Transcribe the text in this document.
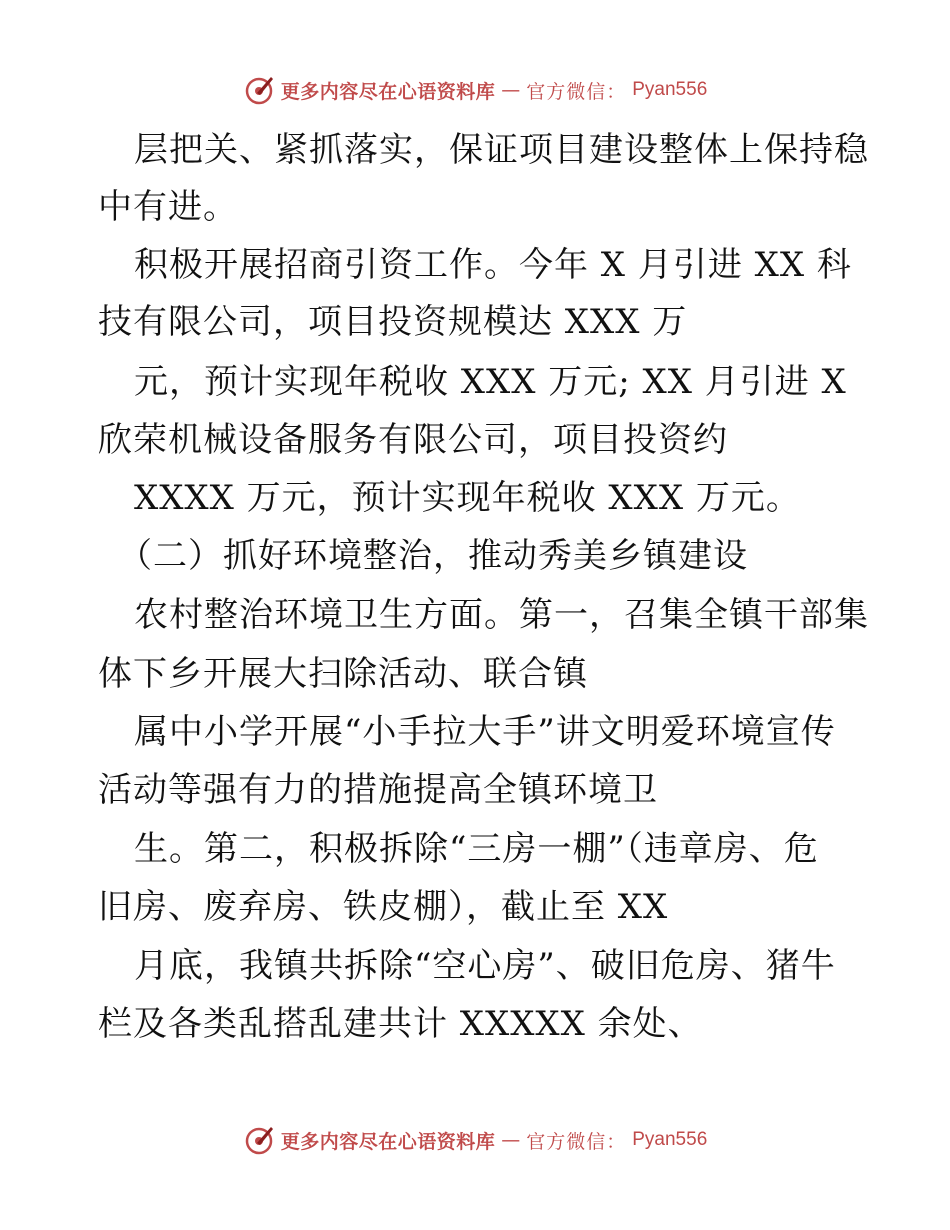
更多内容尽在心语资料库 — 官方微信： Pyan556
层把关、紧抓落实，保证项目建设整体上保持稳
中有进。
积极开展招商引资工作。今年 X 月引进 XX 科
技有限公司，项目投资规模达 XXX 万
元，预计实现年税收 XXX 万元; XX 月引进 X
欣荣机械设备服务有限公司，项目投资约
XXXX 万元，预计实现年税收 XXX 万元。
（二）抓好环境整治，推动秀美乡镇建设
农村整治环境卫生方面。第一，召集全镇干部集
体下乡开展大扫除活动、联合镇
属中小学开展“小手拉大手”讲文明爱环境宣传
活动等强有力的措施提高全镇环境卫
生。第二，积极拆除“三房一棚”（违章房、危
旧房、废弃房、铁皮棚），截止至 XX
月底，我镇共拆除“空心房”、破旧危房、猪牛
栏及各类乱搭乱建共计 XXXXX 余处、
更多内容尽在心语资料库 — 官方微信： Pyan556
